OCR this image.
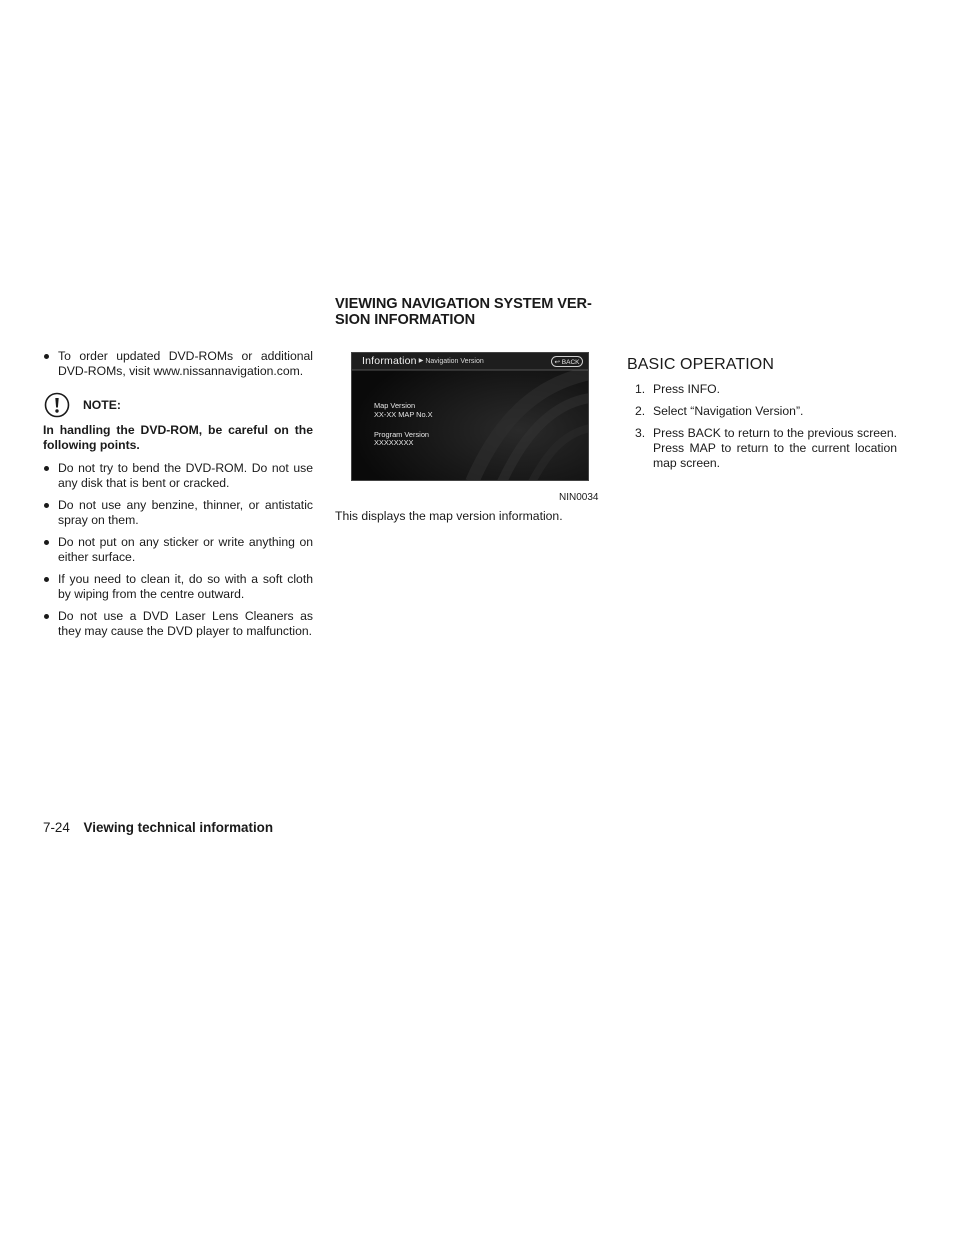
To order updated DVD-ROMs or additional DVD-ROMs, visit www.nissannavigation.com.
NOTE:
In handling the DVD-ROM, be careful on the following points.
Do not try to bend the DVD-ROM. Do not use any disk that is bent or cracked.
Do not use any benzine, thinner, or antistatic spray on them.
Do not put on any sticker or write anything on either surface.
If you need to clean it, do so with a soft cloth by wiping from the centre outward.
Do not use a DVD Laser Lens Cleaners as they may cause the DVD player to malfunction.
VIEWING NAVIGATION SYSTEM VER-
SION INFORMATION
Information ▶ Navigation Version	↩ BACK
Map Version
XX-XX MAP No.X
Program Version
XXXXXXXX
NIN0034
This displays the map version information.
BASIC OPERATION
1. Press INFO.
2. Select “Navigation Version”.
3. Press BACK to return to the previous screen. Press MAP to return to the current location map screen.
7-24 Viewing technical information
